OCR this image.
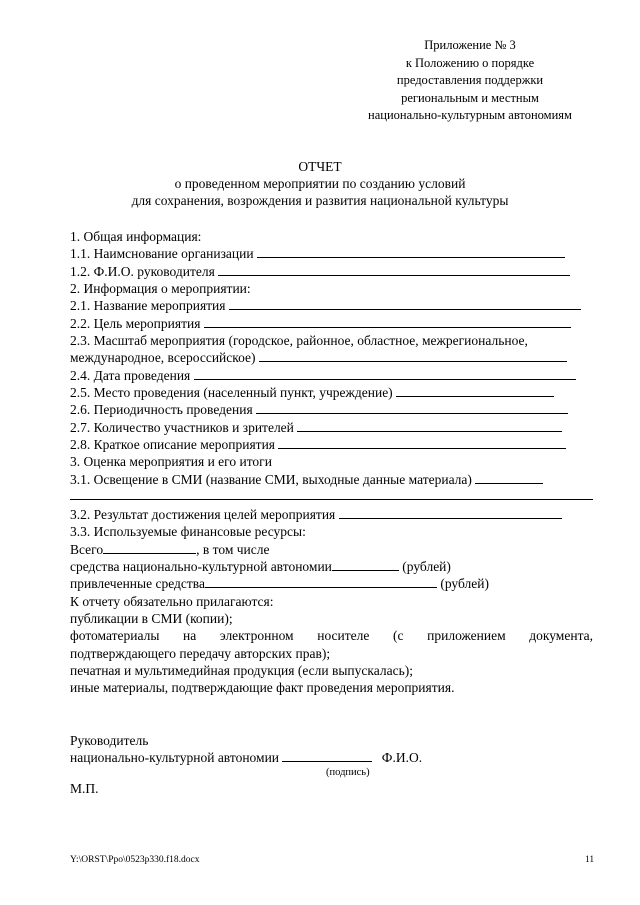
Приложение № 3
к Положению о порядке
предоставления поддержки
региональным и местным
национально-культурным автономиям
ОТЧЕТ
о проведенном мероприятии по созданию условий
для сохранения, возрождения и развития национальной культуры
1. Общая информация:
1.1. Наимснование организации
1.2. Ф.И.О. руководителя
2. Информация о мероприятии:
2.1. Название мероприятия
2.2. Цель мероприятия
2.3. Масштаб мероприятия (городское, районное, областное, межрегиональное,
международное, всероссийское)
2.4. Дата проведения
2.5. Место проведения (населенный пункт, учреждение)
2.6. Периодичность проведения
2.7. Количество участников и зрителей
2.8. Краткое описание мероприятия
3. Оценка мероприятия и его итоги
3.1. Освещение в СМИ (название СМИ, выходные данные материала)
3.2. Результат достижения целей мероприятия
3.3. Используемые финансовые ресурсы:
Всего	, в том числе
средства национально-культурной автономии	(рублей)
привлеченные средства	(рублей)
К отчету обязательно прилагаются:
публикации в СМИ (копии);
фотоматериалы на электронном носителе (с приложением документа,
подтверждающего передачу авторских прав);
печатная и мультимедийная продукция (если выпускалась);
иные материалы, подтверждающие факт проведения мероприятия.
Руководитель
национально-культурной автономии	Ф.И.О.
(подпись)
М.П.
Y:\ORST\Ppo\0523p330.f18.docx	11
